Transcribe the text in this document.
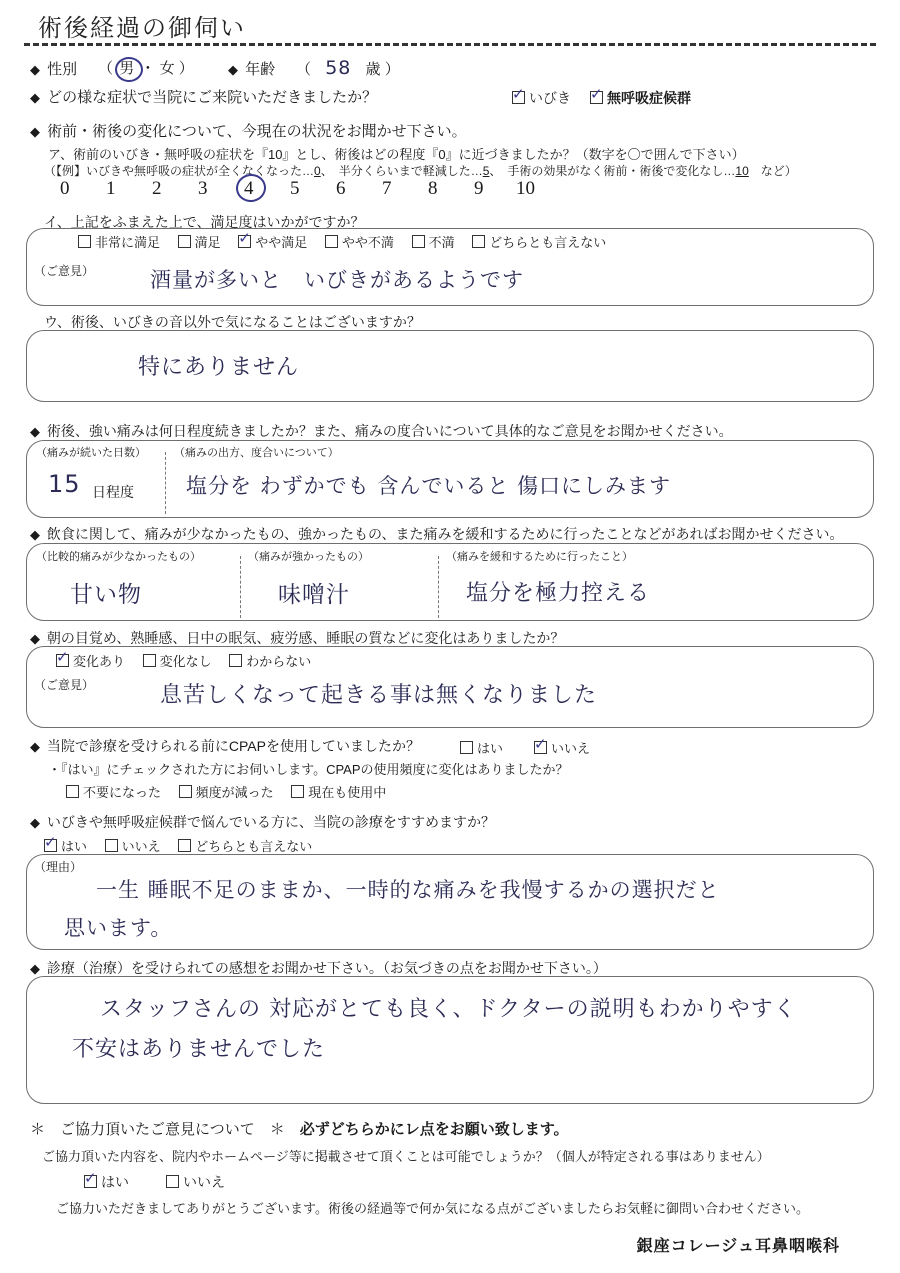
術後経過の御伺い
◆ 性別 （ 男 ・ 女 ）	◆ 年齢 （ 58 歳 ）
◆ どの様な症状で当院にご来院いただきましたか？ ✓	いびき ✓	無呼吸症候群
◆ 術前・術後の変化について、今現在の状況をお聞かせ下さい。
ア、術前のいびき・無呼吸の症状を『10』とし、術後はどの程度『0』に近づきましたか？（数字を〇で囲んで下さい）
（【例】いびきや無呼吸の症状が全くなくなった…0、　半分くらいまで軽減した…5、　手術の効果がなく術前・術後で変化なし…10　など）
0 1 2 3 4 5 6 7 8 9 10
イ、上記をふまえた上で、満足度はいかがですか？
非常に満足	満足 ✓	やや満足	やや不満	不満	どちらとも言えない
（ご意見）	酒量が多いと　いびきがあるようです
ウ、術後、いびきの音以外で気になることはございますか？
特にありません
◆ 術後、強い痛みは何日程度続きましたか？また、痛みの度合いについて具体的なご意見をお聞かせください。
（痛みが続いた日数）	（痛みの出方、度合いについて）
15 日程度 塩分を わずかでも 含んでいると 傷口にしみます
◆ 飲食に関して、痛みが少なかったもの、強かったもの、また痛みを緩和するために行ったことなどがあればお聞かせください。
（比較的痛みが少なかったもの）	（痛みが強かったもの）	（痛みを緩和するために行ったこと）
甘い物	味噌汁	塩分を極力控える
◆ 朝の目覚め、熟睡感、日中の眠気、疲労感、睡眠の質などに変化はありましたか？
✓変化あり	変化なし	わからない
（ご意見）	息苦しくなって起きる事は無くなりました
◆ 当院で診療を受けられる前にCPAPを使用していましたか？	はい ✓	いいえ
・『はい』にチェックされた方にお伺いします。CPAPの使用頻度に変化はありましたか？
不要になった	頻度が減った	現在も使用中
◆ いびきや無呼吸症候群で悩んでいる方に、当院の診療をすすめますか？
✓はい	いいえ	どちらとも言えない
（理由）
一生 睡眠不足のままか、一時的な痛みを我慢するかの選択だと
思います。
◆ 診療（治療）を受けられての感想をお聞かせ下さい。（お気づきの点をお聞かせ下さい。）
スタッフさんの 対応がとても良く、ドクターの説明もわかりやすく
不安はありませんでした
＊　ご協力頂いたご意見について　＊　必ずどちらかにレ点をお願い致します。
ご協力頂いた内容を、院内やホームページ等に掲載させて頂くことは可能でしょうか？（個人が特定される事はありません）
✓はい	いいえ
ご協力いただきましてありがとうございます。術後の経過等で何か気になる点がございましたらお気軽に御問い合わせください。
銀座コレージュ耳鼻咽喉科
